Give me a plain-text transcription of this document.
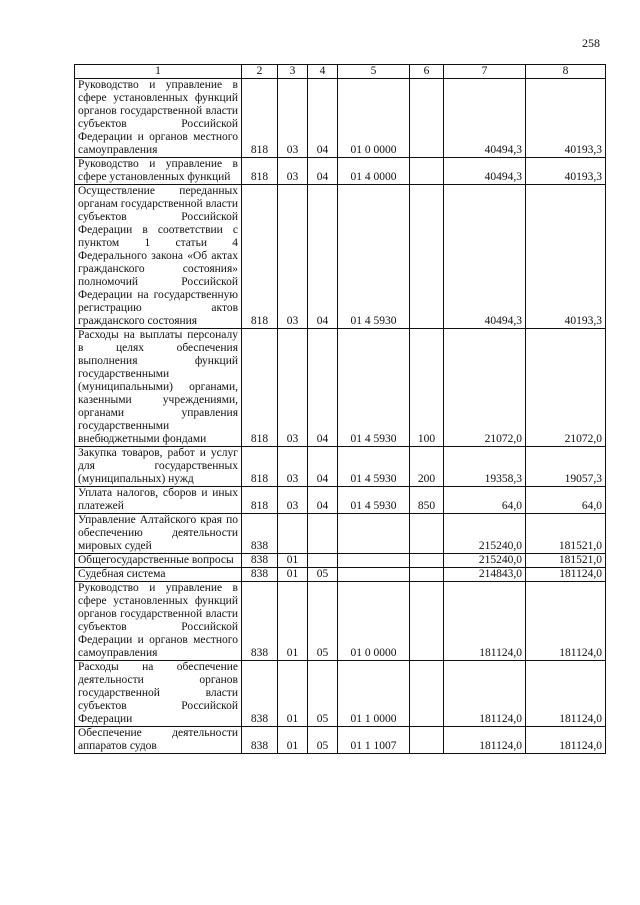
258
1	2	3	4	5	6	7	8
Руководство и управление в сфере установленных функций органов государственной власти субъектов Российской Федерации и органов местного самоуправления	818	03	04	01 0 0000		40494,3	40193,3
Руководство и управление в сфере установленных функций	818	03	04	01 4 0000		40494,3	40193,3
Осуществление переданных органам государственной власти субъектов Российской Федерации в соответствии с пунктом 1 статьи 4 Федерального закона «Об актах гражданского состояния» полномочий Российской Федерации на государственную регистрацию актов гражданского состояния	818	03	04	01 4 5930		40494,3	40193,3
Расходы на выплаты персоналу в целях обеспечения выполнения функций государственными (муниципальными) органами, казенными учреждениями, органами управления государственными внебюджетными фондами	818	03	04	01 4 5930	100	21072,0	21072,0
Закупка товаров, работ и услуг для государственных (муниципальных) нужд	818	03	04	01 4 5930	200	19358,3	19057,3
Уплата налогов, сборов и иных платежей	818	03	04	01 4 5930	850	64,0	64,0
Управление Алтайского края по обеспечению деятельности мировых судей	838					215240,0	181521,0
Общегосударственные вопросы	838	01				215240,0	181521,0
Судебная система	838	01	05			214843,0	181124,0
Руководство и управление в сфере установленных функций органов государственной власти субъектов Российской Федерации и органов местного самоуправления	838	01	05	01 0 0000		181124,0	181124,0
Расходы на обеспечение деятельности органов государственной власти субъектов Российской Федерации	838	01	05	01 1 0000		181124,0	181124,0
Обеспечение деятельности аппаратов судов	838	01	05	01 1 1007		181124,0	181124,0
